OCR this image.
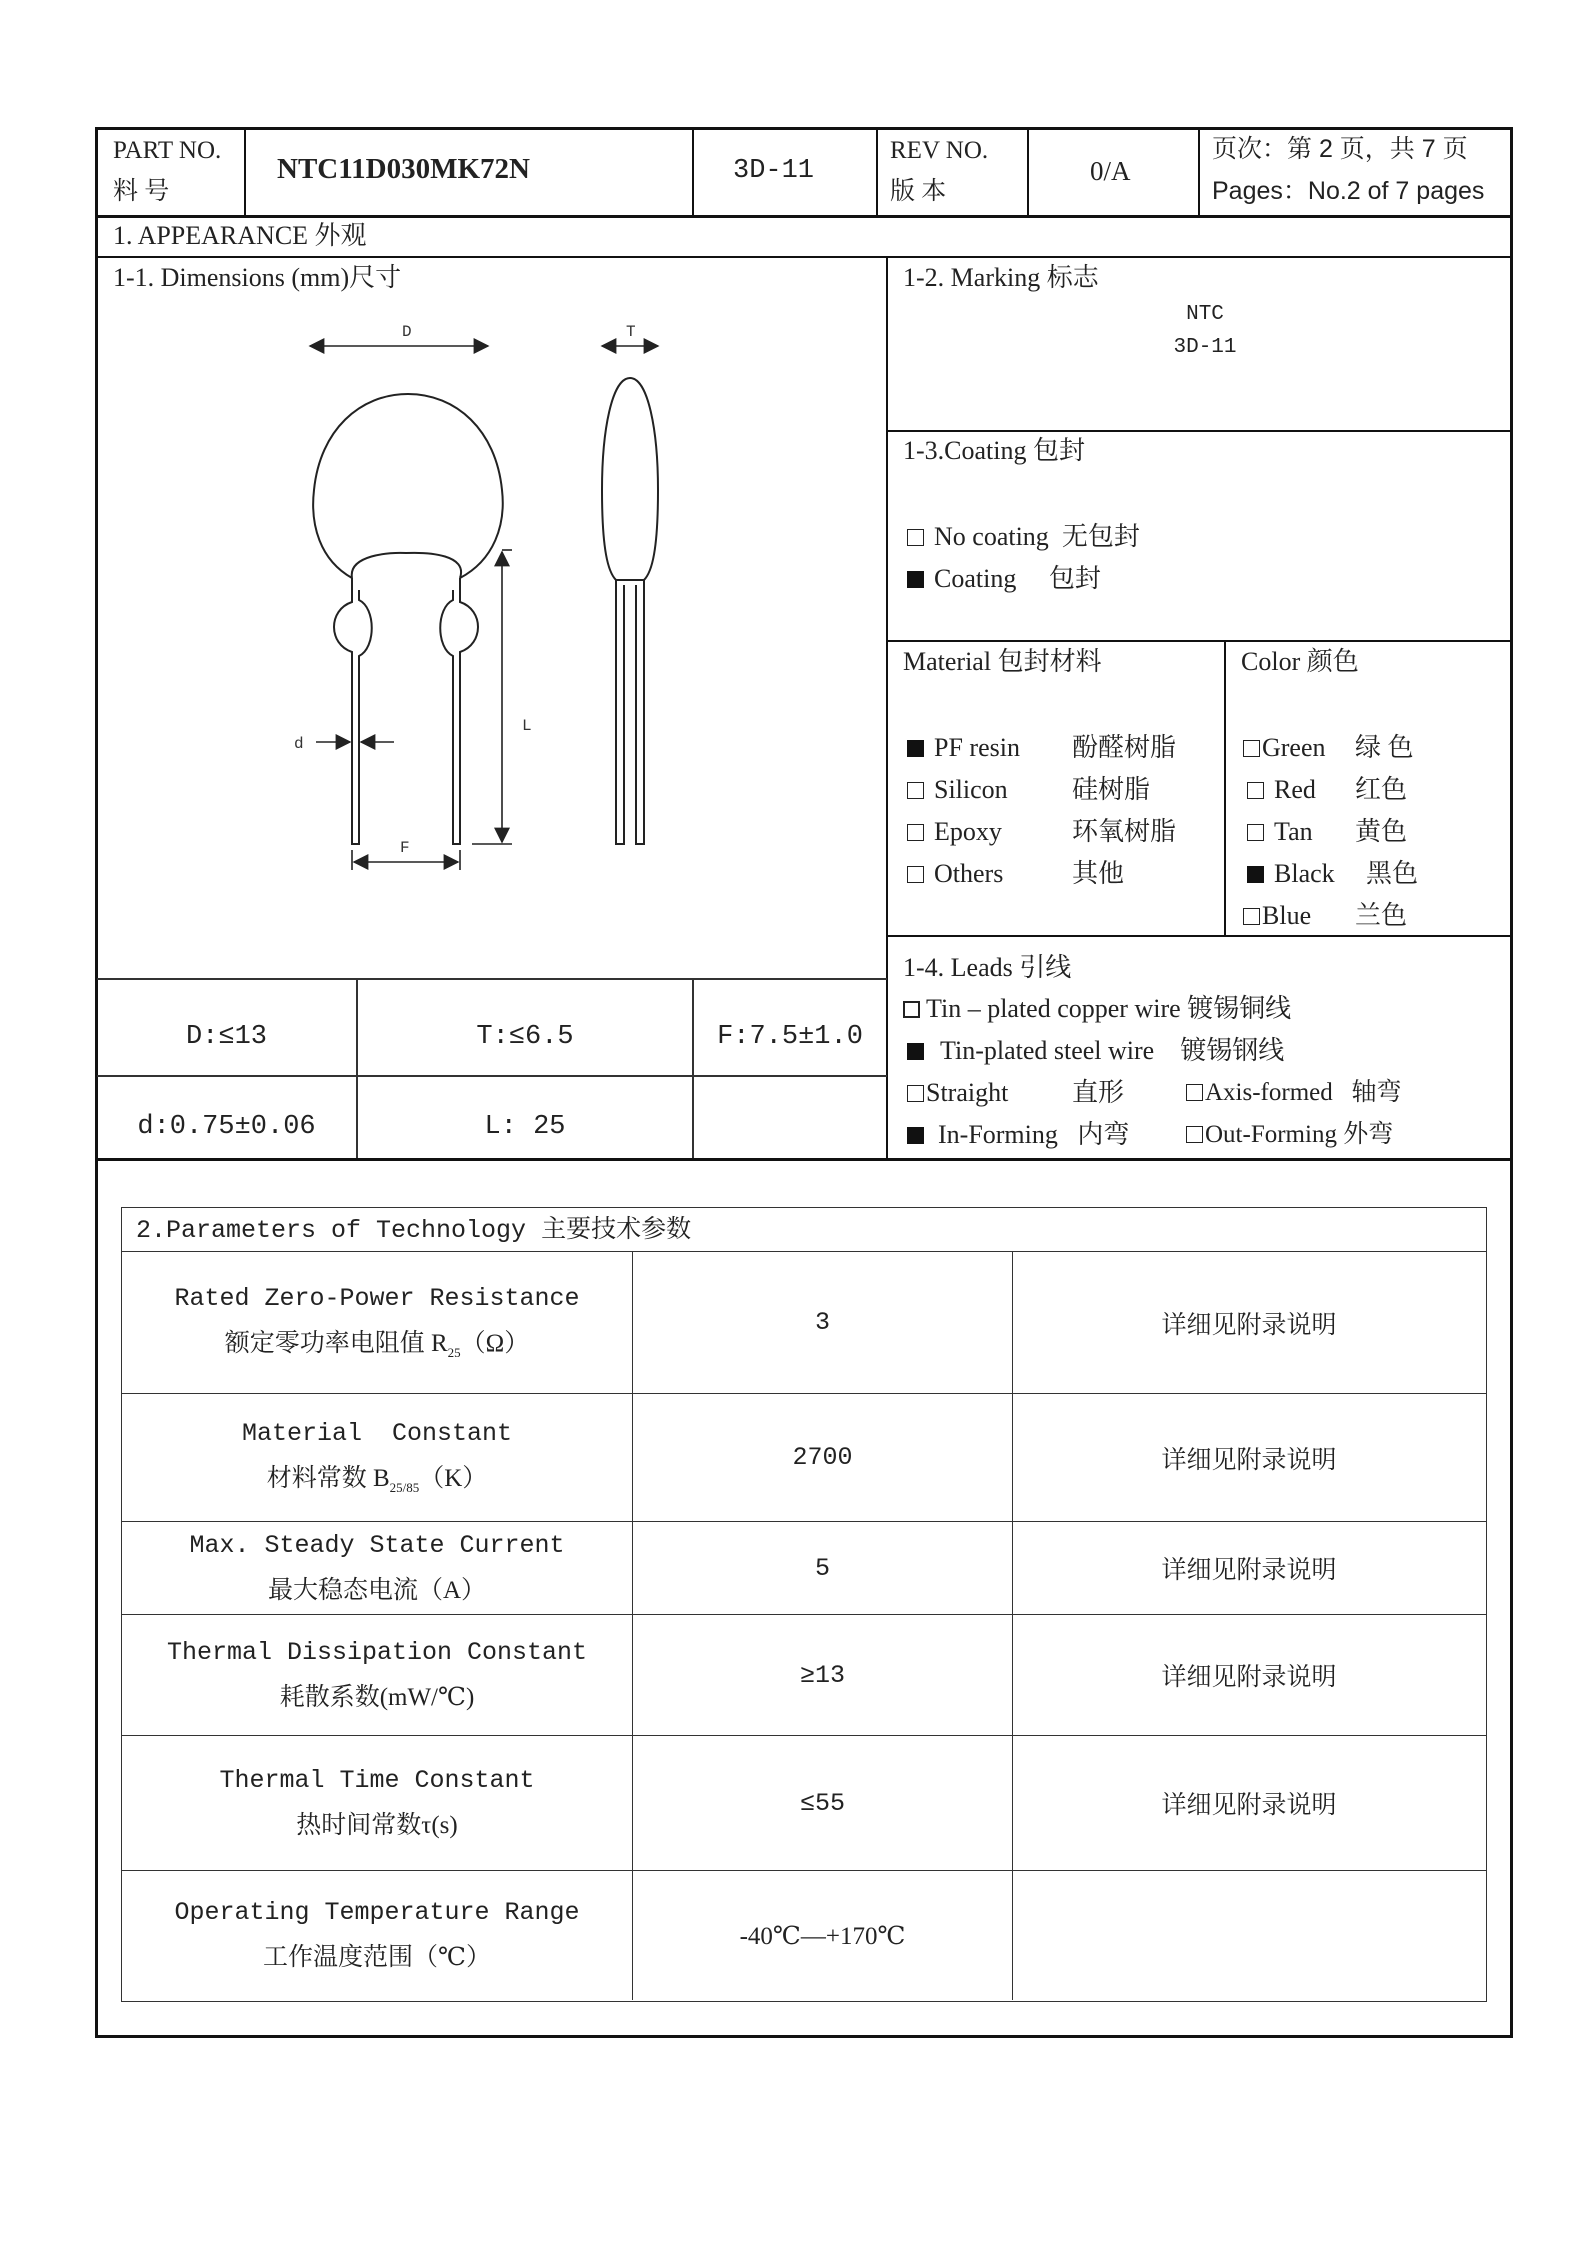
PART NO.
料 号
NTC11D030MK72N	3D-11
REV NO.
版 本
0/A
页次：第 2 页，共 7 页
Pages：No.2 of 7 pages
1. APPEARANCE 外观
1-1. Dimensions (mm)尺寸
D	T
L
d
F
D:≤13	T:≤6.5	F:7.5±1.0
d:0.75±0.06	L: 25
1-2. Marking 标志
NTC
3D-11
1-3.Coating 包封
No coating 无包封
Coating 包封
Material 包封材料
PF resin 酚醛树脂
Silicon 硅树脂
Epoxy	环氧树脂
Others	其他
Color 颜色
Green 绿 色
Red 红色
Tan 黄色
Black 黑色
Blue 兰色
1-4. Leads 引线
Tin – plated copper wire 镀锡铜线
Tin-plated steel wire 镀锡钢线
Straight 直形	Axis-formed 轴弯
In-Forming 内弯	Out-Forming 外弯
2.Parameters of Technology 主要技术参数
Rated Zero-Power Resistance
额定零功率电阻值 $R_{25}(\Omega)$
3	详细见附录说明
Material  Constant
材料常数 $B_{25/85}(K)$
2700	详细见附录说明
Max. Steady State Current
最大稳态电流（A）
5	详细见附录说明
Thermal Dissipation Constant
耗散系数(mW/℃)
≥13	详细见附录说明
Thermal Time Constant
热时间常数τ(s)
≤55	详细见附录说明
Operating Temperature Range
工作温度范围（℃）
-40℃—+170℃
